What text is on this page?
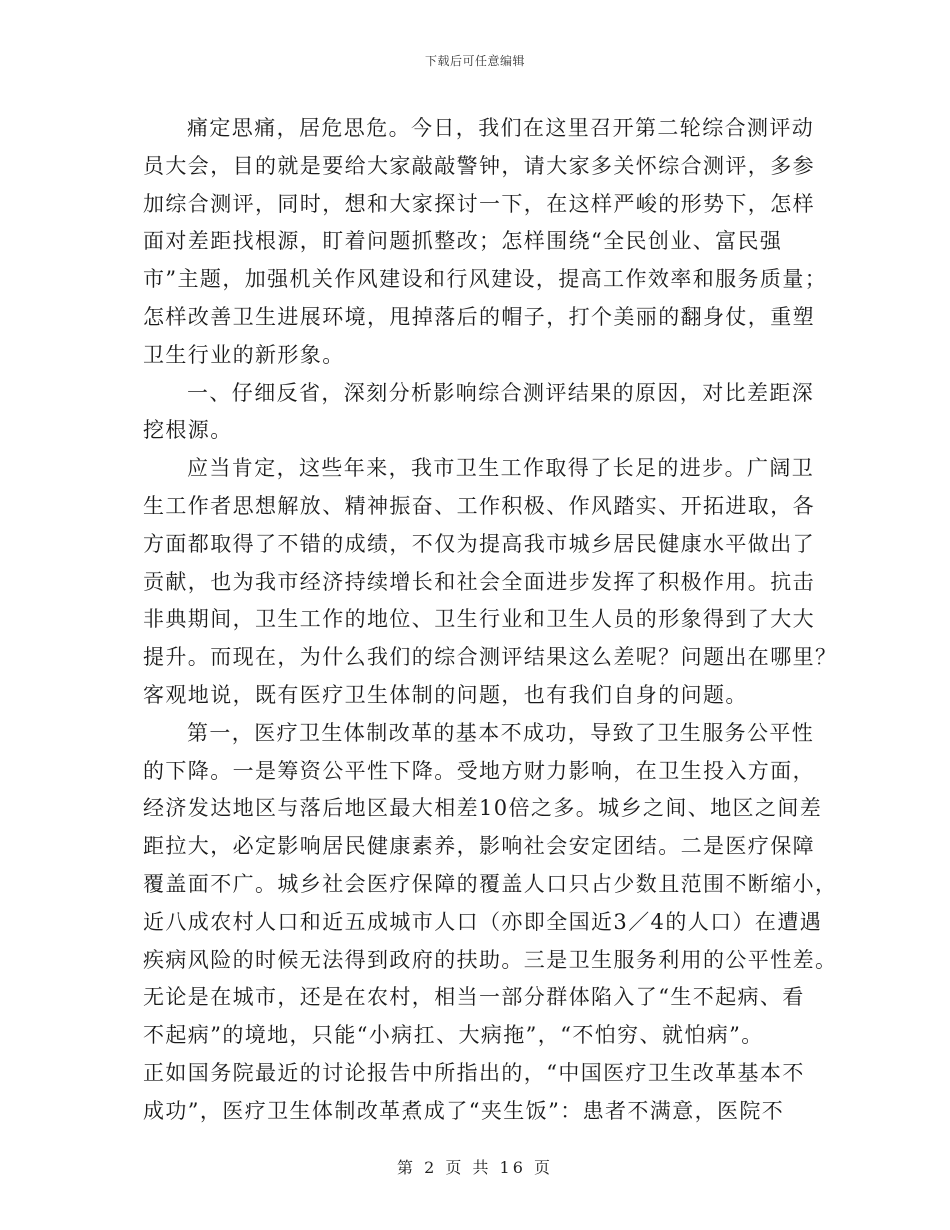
下载后可任意编辑
痛定思痛，居危思危。今日，我们在这里召开第二轮综合测评动
员大会，目的就是要给大家敲敲警钟，请大家多关怀综合测评，多参
加综合测评，同时，想和大家探讨一下，在这样严峻的形势下，怎样
面对差距找根源，盯着问题抓整改；怎样围绕“全民创业、富民强
市”主题，加强机关作风建设和行风建设，提高工作效率和服务质量；
怎样改善卫生进展环境，甩掉落后的帽子，打个美丽的翻身仗，重塑
卫生行业的新形象。
一、仔细反省，深刻分析影响综合测评结果的原因，对比差距深
挖根源。
应当肯定，这些年来，我市卫生工作取得了长足的进步。广阔卫
生工作者思想解放、精神振奋、工作积极、作风踏实、开拓进取，各
方面都取得了不错的成绩，不仅为提高我市城乡居民健康水平做出了
贡献，也为我市经济持续增长和社会全面进步发挥了积极作用。抗击
非典期间，卫生工作的地位、卫生行业和卫生人员的形象得到了大大
提升。而现在，为什么我们的综合测评结果这么差呢？问题出在哪里？
客观地说，既有医疗卫生体制的问题，也有我们自身的问题。
第一，医疗卫生体制改革的基本不成功，导致了卫生服务公平性
的下降。一是筹资公平性下降。受地方财力影响，在卫生投入方面，
经济发达地区与落后地区最大相差10倍之多。城乡之间、地区之间差
距拉大，必定影响居民健康素养，影响社会安定团结。二是医疗保障
覆盖面不广。城乡社会医疗保障的覆盖人口只占少数且范围不断缩小，
近八成农村人口和近五成城市人口（亦即全国近3／4的人口）在遭遇
疾病风险的时候无法得到政府的扶助。三是卫生服务利用的公平性差。
无论是在城市，还是在农村，相当一部分群体陷入了“生不起病、看
不起病”的境地，只能“小病扛、大病拖”，“不怕穷、就怕病”。
正如国务院最近的讨论报告中所指出的，“中国医疗卫生改革基本不
成功”，医疗卫生体制改革煮成了“夹生饭”：患者不满意，医院不
第 2 页 共 16 页
